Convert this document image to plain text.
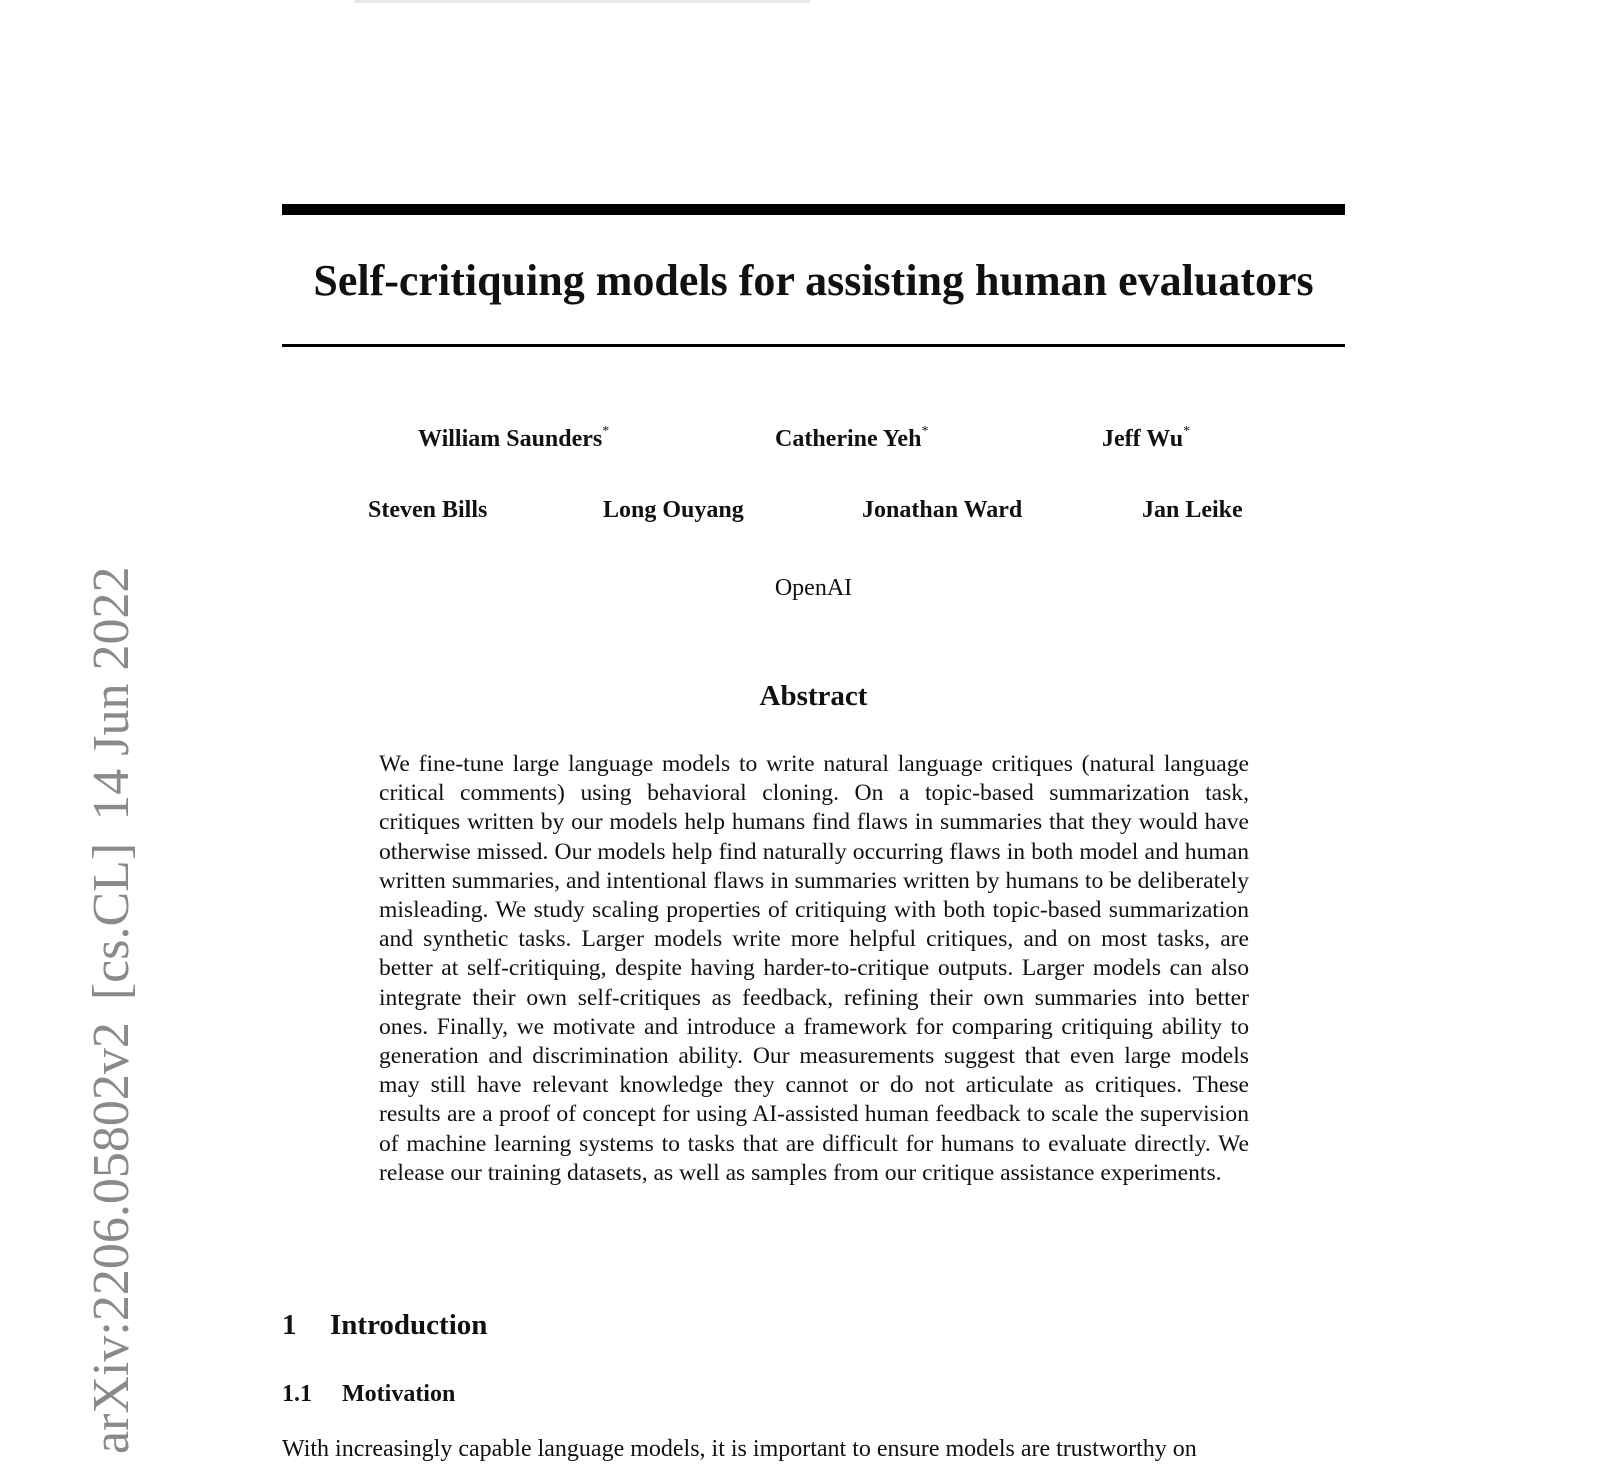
arXiv:2206.05802v2[cs.CL]14 Jun 2022
Self-critiquing models for assisting human evaluators
William Saunders*	Catherine Yeh*	Jeff Wu*
Steven Bills	Long Ouyang	Jonathan Ward	Jan Leike
OpenAI
Abstract

We fine-tune large language models to write natural language critiques (natural language critical comments) using behavioral cloning. On a topic-based summarization task, critiques written by our models help humans find flaws in summaries that they would have otherwise missed. Our models help find naturally occurring flaws in both model and human written summaries, and intentional flaws in summaries written by humans to be deliberately misleading. We study scaling properties of critiquing with both topic-based summarization and synthetic tasks. Larger models write more helpful critiques, and on most tasks, are better at self-critiquing, despite having harder-to-critique outputs. Larger models can also integrate their own self-critiques as feedback, refining their own summaries into better ones. Finally, we motivate and introduce a framework for comparing critiquing ability to generation and discrimination ability. Our measurements suggest that even large models may still have relevant knowledge they cannot or do not articulate as critiques. These results are a proof of concept for using AI-assisted human feedback to scale the supervision of machine learning systems to tasks that are difficult for humans to evaluate directly. We release our training datasets, as well as samples from our critique assistance experiments.

1 Introduction
1.1 Motivation

With increasingly capable language models, it is important to ensure models are trustworthy on
